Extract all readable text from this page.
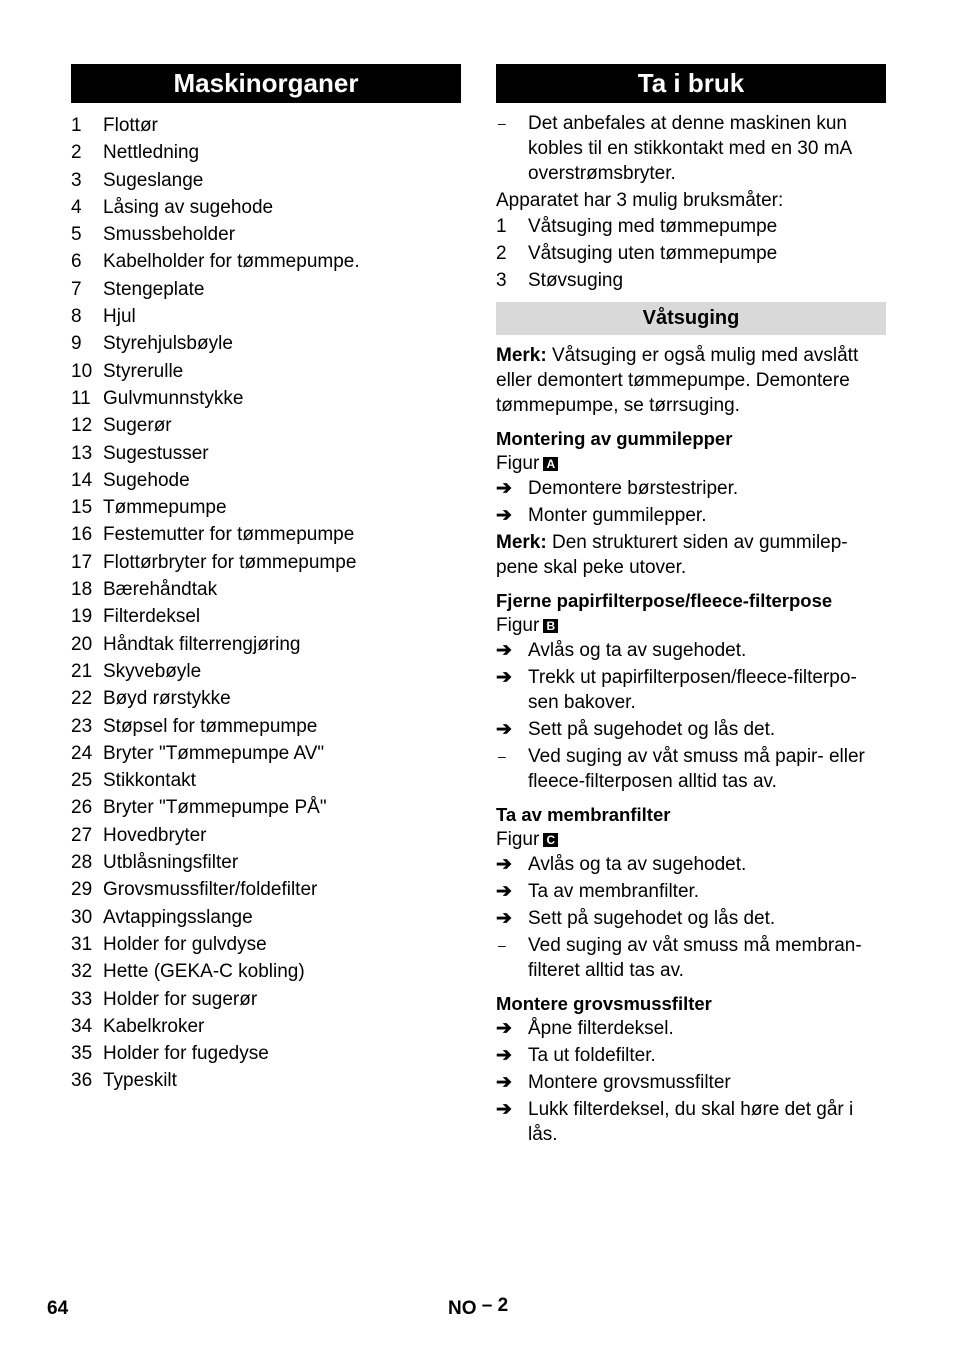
Maskinorganer
1	Flottør
2	Nettledning
3	Sugeslange
4	Låsing av sugehode
5	Smussbeholder
6	Kabelholder for tømmepumpe.
7	Stengeplate
8	Hjul
9	Styrehjulsbøyle
10 Styrerulle
11 Gulvmunnstykke
12 Sugerør
13 Sugestusser
14 Sugehode
15 Tømmepumpe
16 Festemutter for tømmepumpe
17 Flottørbryter for tømmepumpe
18 Bærehåndtak
19 Filterdeksel
20 Håndtak filterrengjøring
21 Skyvebøyle
22 Bøyd rørstykke
23 Støpsel for tømmepumpe
24 Bryter "Tømmepumpe AV"
25 Stikkontakt
26 Bryter "Tømmepumpe PÅ"
27 Hovedbryter
28 Utblåsningsfilter
29 Grovsmussfilter/foldefilter
30 Avtappingsslange
31 Holder for gulvdyse
32 Hette (GEKA-C kobling)
33 Holder for sugerør
34 Kabelkroker
35 Holder for fugedyse
36 Typeskilt
Ta i bruk
–	Det anbefales at denne maskinen kun kobles til en stikkontakt med en 30 mA overstrømsbryter.
Apparatet har 3 mulig bruksmåter:
1	Våtsuging med tømmepumpe
2	Våtsuging uten tømmepumpe
3	Støvsuging
Våtsuging
Merk: Våtsuging er også mulig med avslått eller demontert tømmepumpe. Demontere tømmepumpe, se tørrsuging.
Montering av gummilepper
Figur A
➔ Demontere børstestriper.
➔ Monter gummilepper.
Merk: Den strukturert siden av gummilep-pene skal peke utover.
Fjerne papirfilterpose/fleece-filterpose
Figur B
➔ Avlås og ta av sugehodet.
➔ Trekk ut papirfilterposen/fleece-filterpo-sen bakover.
➔ Sett på sugehodet og lås det.
–	Ved suging av våt smuss må papir- eller fleece-filterposen alltid tas av.
Ta av membranfilter
Figur C
➔ Avlås og ta av sugehodet.
➔ Ta av membranfilter.
➔ Sett på sugehodet og lås det.
–	Ved suging av våt smuss må membran-filteret alltid tas av.
Montere grovsmussfilter
➔ Åpne filterdeksel.
➔ Ta ut foldefilter.
➔ Montere grovsmussfilter
➔ Lukk filterdeksel, du skal høre det går i lås.
64	NO – 2
